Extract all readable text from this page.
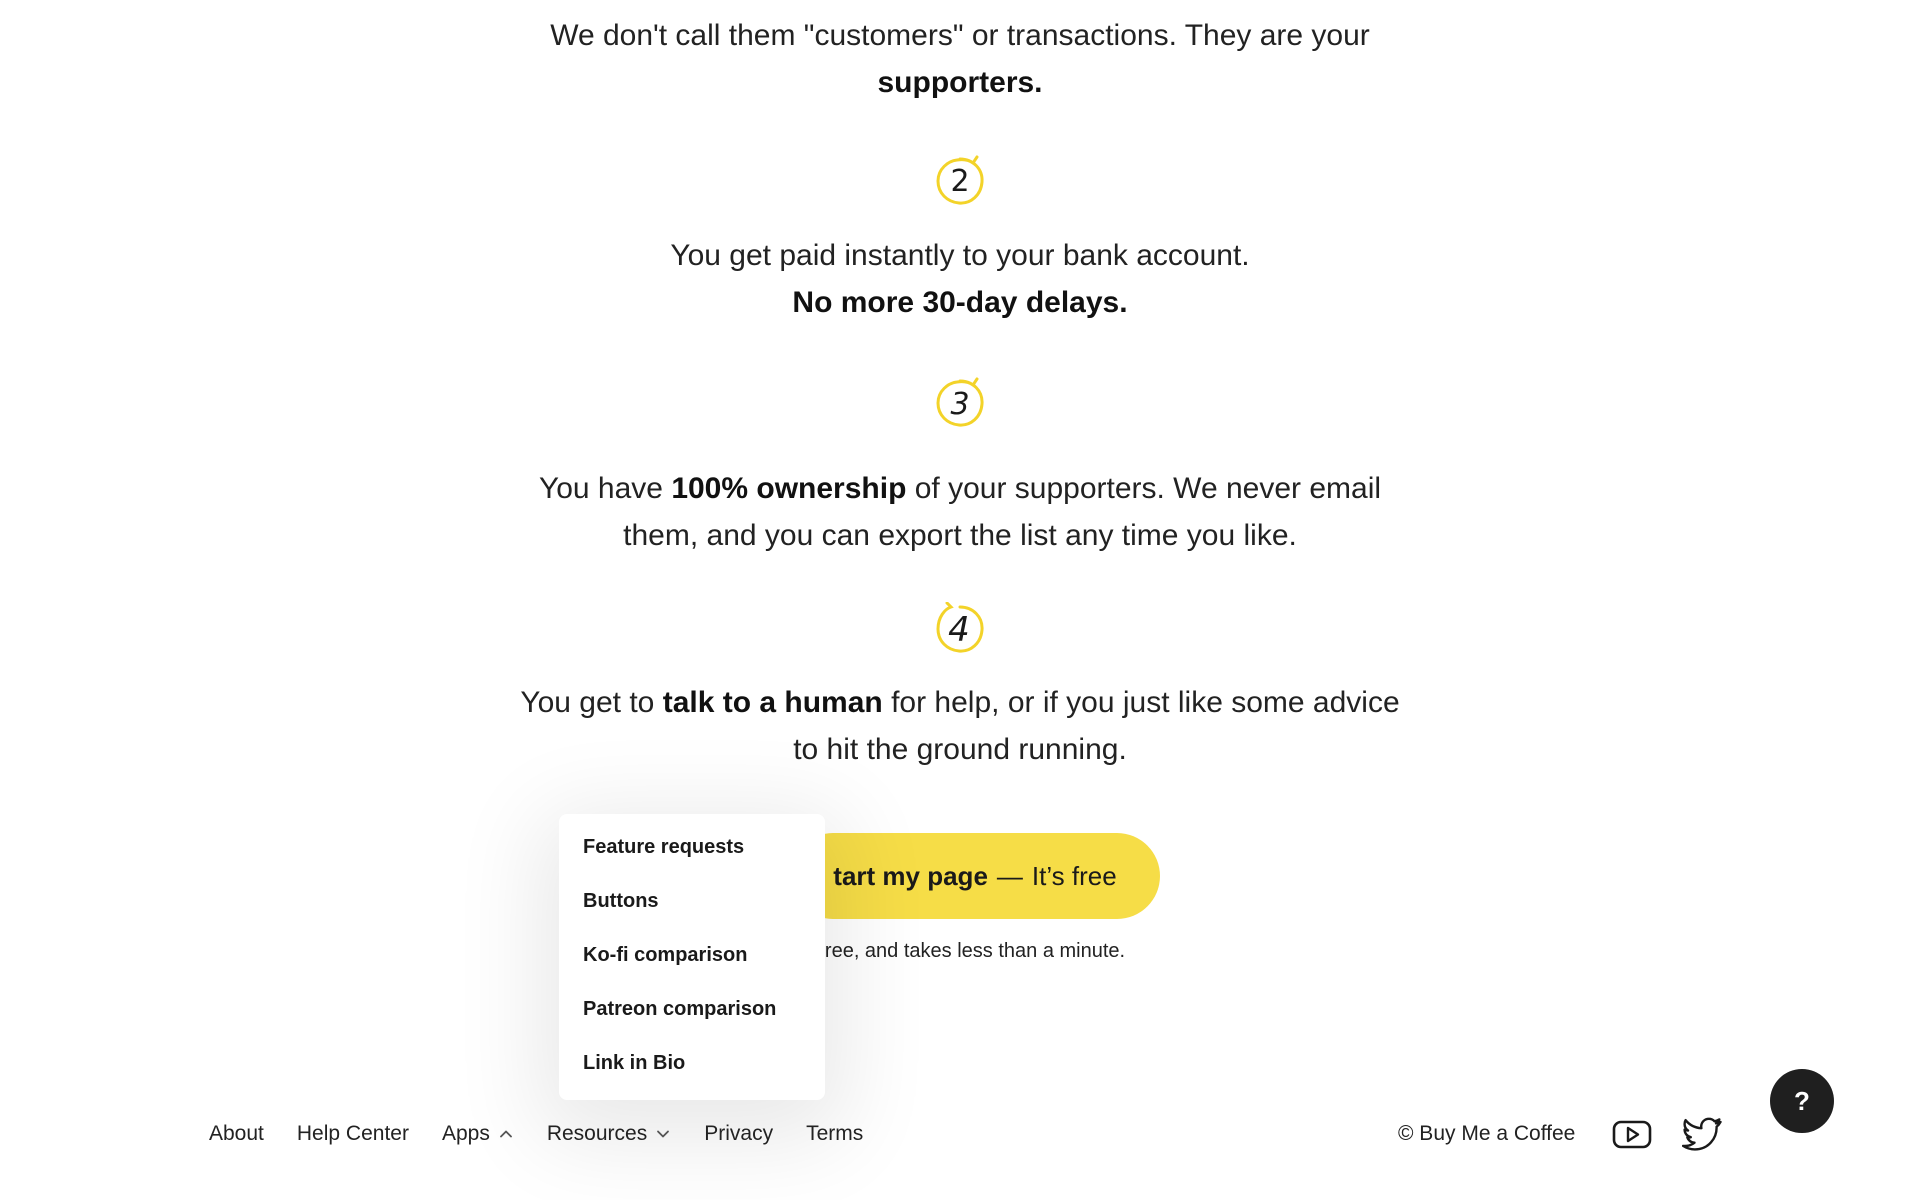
We don't call them "customers" or transactions. They are your
supporters.
2
You get paid instantly to your bank account.
No more 30-day delays.
3
You have 100% ownership of your supporters. We never email
them, and you can export the list any time you like.
4
You get to talk to a human for help, or if you just like some advice
to hit the ground running.
tart my page — It’s free
ree, and takes less than a minute.
Feature requests
Buttons
Ko-fi comparison
Patreon comparison
Link in Bio
About Help Center Apps	Resources	Privacy Terms	© Buy Me a Coffee
?
